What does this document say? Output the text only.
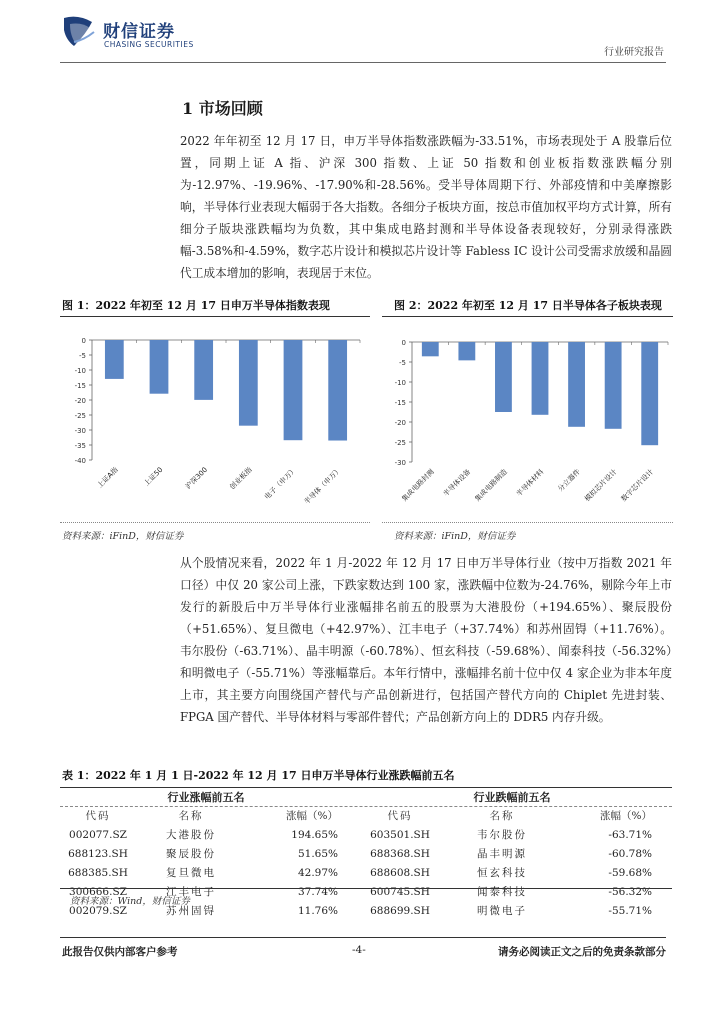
财信证券
CHASING SECURITIES
行业研究报告
1 市场回顾
2022 年年初至 12 月 17 日，申万半导体指数涨跌幅为-33.51%，市场表现处于 A 股靠后位置，同期上证 A 指、沪深 300 指数、上证 50 指数和创业板指数涨跌幅分别为-12.97%、-19.96%、-17.90%和-28.56%。受半导体周期下行、外部疫情和中美摩擦影响，半导体行业表现大幅弱于各大指数。各细分子板块方面，按总市值加权平均方式计算，所有细分子版块涨跌幅均为负数，其中集成电路封测和半导体设备表现较好，分别录得涨跌幅-3.58%和-4.59%，数字芯片设计和模拟芯片设计等 Fabless IC 设计公司受需求放缓和晶圆代工成本增加的影响，表现居于末位。
图 1：2022 年初至 12 月 17 日申万半导体指数表现	图 2：2022 年初至 12 月 17 日半导体各子板块表现
0
-5
-10
-15
-20
-25
-30
-35
-40
上证A指	上证50	沪深300	创业板指 电子（申万） 半导体（申万）
0
-5
-10
-15
-20
-25
-30
集成电路封测 半导体设备 集成电路制造 半导体材料 分立器件 模拟芯片设计 数字芯片设计
资料来源：iFinD，财信证券	资料来源：iFinD，财信证券
从个股情况来看，2022 年 1 月-2022 年 12 月 17 日申万半导体行业（按中万指数 2021 年口径）中仅 20 家公司上涨，下跌家数达到 100 家，涨跌幅中位数为-24.76%，剔除今年上市发行的新股后中万半导体行业涨幅排名前五的股票为大港股份（+194.65%）、聚辰股份（+51.65%）、复旦微电（+42.97%）、江丰电子（+37.74%）和苏州固锝（+11.76%）。韦尔股份（-63.71%）、晶丰明源（-60.78%）、恒玄科技（-59.68%）、闻泰科技（-56.32%）和明微电子（-55.71%）等涨幅靠后。本年行情中，涨幅排名前十位中仅 4 家企业为非本年度上市，其主要方向围绕国产替代与产品创新进行，包括国产替代方向的 Chiplet 先进封装、FPGA 国产替代、半导体材料与零部件替代；产品创新方向上的 DDR5 内存升级。
表 1：2022 年 1 月 1 日-2022 年 12 月 17 日申万半导体行业涨跌幅前五名
行业涨幅前五名			行业跌幅前五名		
代码	名称	涨幅（%）	代码	名称	涨幅（%）
002077.SZ	大港股份	194.65%	603501.SH	韦尔股份	-63.71%
688123.SH	聚辰股份	51.65%	688368.SH	晶丰明源	-60.78%
688385.SH	复旦微电	42.97%	688608.SH	恒玄科技	-59.68%
300666.SZ	江丰电子	37.74%	600745.SH	闻泰科技	-56.32%
002079.SZ	苏州固锝	11.76%	688699.SH	明微电子	-55.71%
资料来源：Wind，财信证券
此报告仅供内部客户参考	-4-	请务必阅读正文之后的免责条款部分
